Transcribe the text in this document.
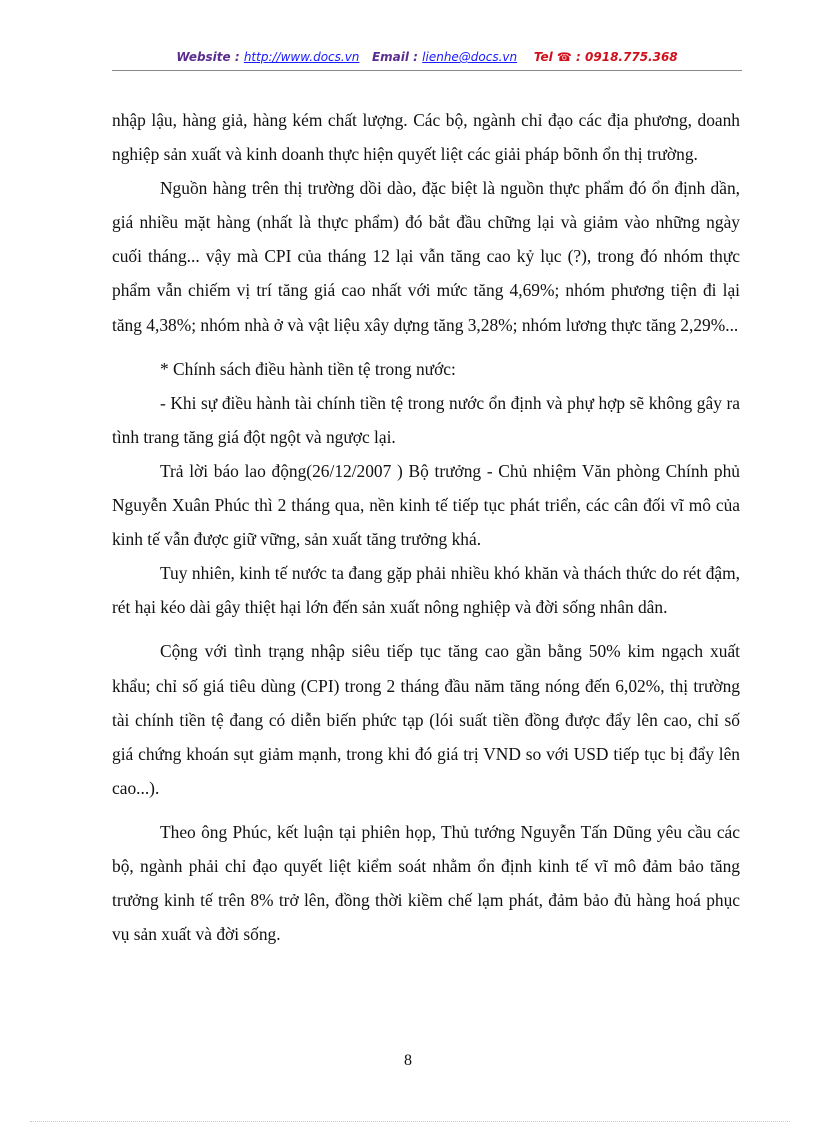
Website : http://www.docs.vn Email : lienhe@docs.vn Tel ☎ : 0918.775.368

nhập lậu, hàng giả, hàng kém chất lượng. Các bộ, ngành chỉ đạo các địa phương, doanh nghiệp sản xuất và kinh doanh thực hiện quyết liệt các giải pháp bõnh ổn thị trường.

Nguồn hàng trên thị trường dồi dào, đặc biệt là nguồn thực phẩm đó ổn định dần, giá nhiều mặt hàng (nhất là thực phẩm) đó bắt đầu chững lại và giảm vào những ngày cuối tháng... vậy mà CPI của tháng 12 lại vẫn tăng cao kỷ lục (?), trong đó nhóm thực phẩm vẫn chiếm vị trí tăng giá cao nhất với mức tăng 4,69%; nhóm phương tiện đi lại tăng 4,38%; nhóm nhà ở và vật liệu xây dựng tăng 3,28%; nhóm lương thực tăng 2,29%...

* Chính sách điều hành tiền tệ trong nước:

- Khi sự điều hành tài chính tiền tệ trong nước ổn định và phự hợp sẽ không gây ra tình trang tăng giá đột ngột và ngược lại.

Trả lời báo lao động(26/12/2007 ) Bộ trưởng - Chủ nhiệm Văn phòng Chính phủ Nguyễn Xuân Phúc thì 2 tháng qua, nền kinh tế tiếp tục phát triển, các cân đối vĩ mô của kinh tế vẫn được giữ vững, sản xuất tăng trưởng khá.

Tuy nhiên, kinh tế nước ta đang gặp phải nhiều khó khăn và thách thức do rét đậm, rét hại kéo dài gây thiệt hại lớn đến sản xuất nông nghiệp và đời sống nhân dân.

Cộng với tình trạng nhập siêu tiếp tục tăng cao gần bằng 50% kim ngạch xuất khẩu; chỉ số giá tiêu dùng (CPI) trong 2 tháng đầu năm tăng nóng đến 6,02%, thị trường tài chính tiền tệ đang có diễn biến phức tạp (lói suất tiền đồng được đẩy lên cao, chỉ số giá chứng khoán sụt giảm mạnh, trong khi đó giá trị VND so với USD tiếp tục bị đẩy lên cao...).

Theo ông Phúc, kết luận tại phiên họp, Thủ tướng Nguyễn Tấn Dũng yêu cầu các bộ, ngành phải chỉ đạo quyết liệt kiểm soát nhằm ổn định kinh tế vĩ mô đảm bảo tăng trưởng kinh tế trên 8% trở lên, đồng thời kiềm chế lạm phát, đảm bảo đủ hàng hoá phục vụ sản xuất và đời sống.

8
